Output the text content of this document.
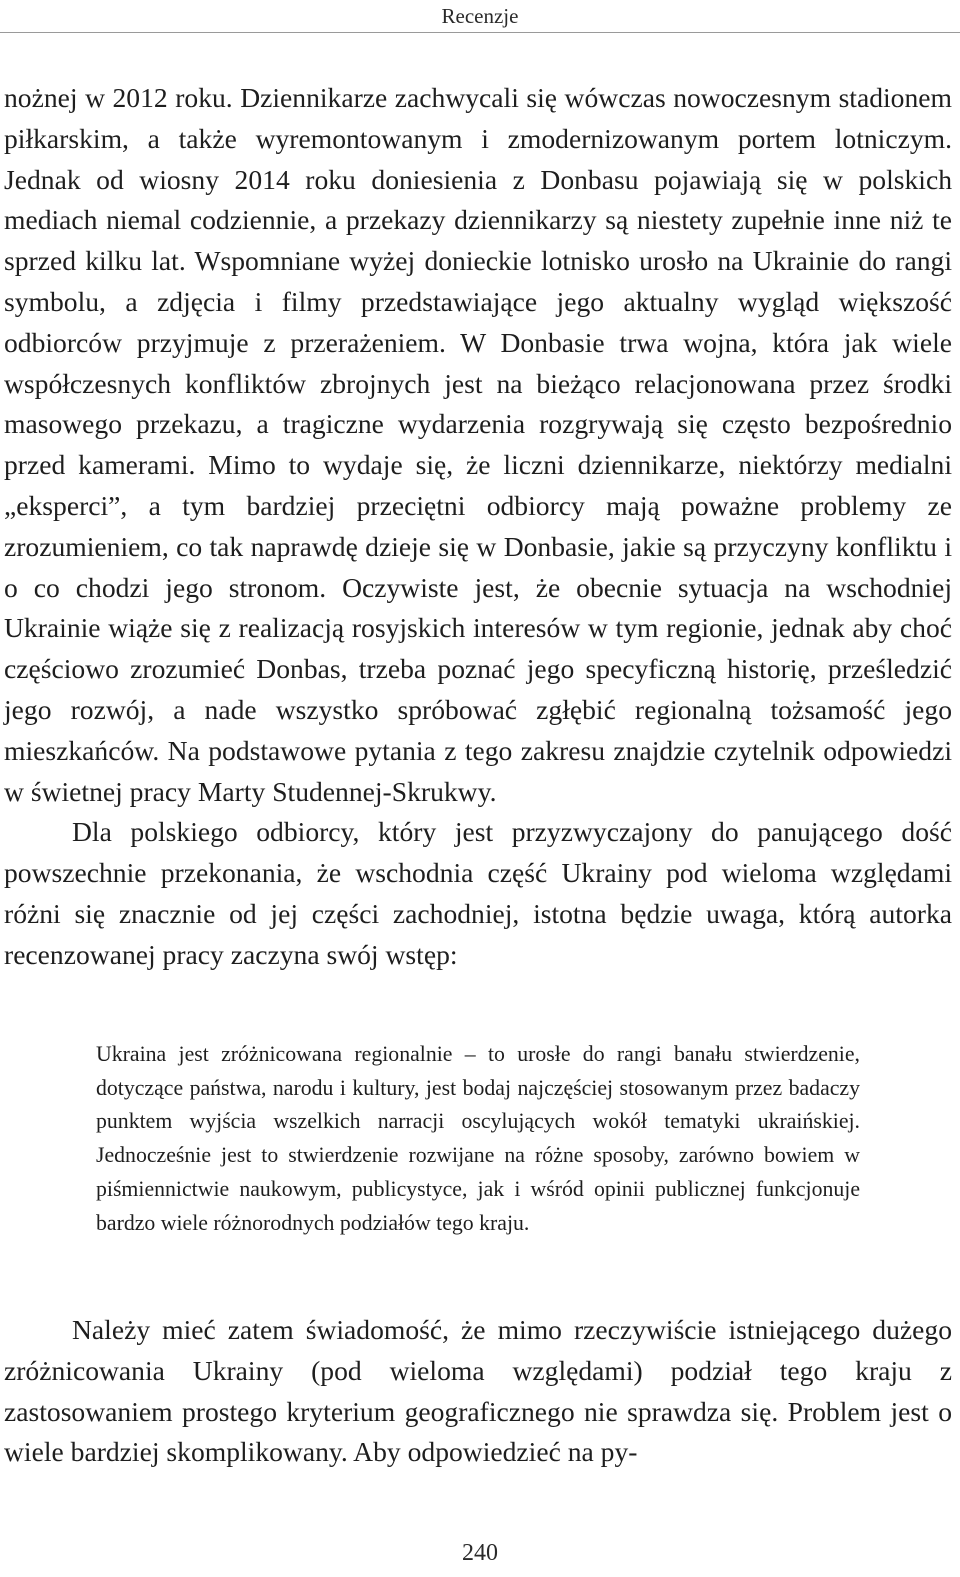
Recenzje

nożnej w 2012 roku. Dziennikarze zachwycali się wówczas nowoczesnym stadionem piłkarskim, a także wyremontowanym i zmodernizowanym portem lotniczym. Jednak od wiosny 2014 roku doniesienia z Donbasu pojawiają się w polskich mediach niemal codziennie, a przekazy dziennikarzy są niestety zupełnie inne niż te sprzed kilku lat. Wspomniane wyżej donieckie lotnisko urosło na Ukrainie do rangi symbolu, a zdjęcia i filmy przedstawiające jego aktualny wygląd większość odbiorców przyjmuje z przerażeniem. W Donbasie trwa wojna, która jak wiele współczesnych konfliktów zbrojnych jest na bieżąco relacjonowana przez środki masowego przekazu, a tragiczne wydarzenia rozgrywają się często bezpośrednio przed kamerami. Mimo to wydaje się, że liczni dziennikarze, niektórzy medialni „eksperci”, a tym bardziej przeciętni odbiorcy mają poważne problemy ze zrozumieniem, co tak naprawdę dzieje się w Donbasie, jakie są przyczyny konfliktu i o co chodzi jego stronom. Oczywiste jest, że obecnie sytuacja na wschodniej Ukrainie wiąże się z realizacją rosyjskich interesów w tym regionie, jednak aby choć częściowo zrozumieć Donbas, trzeba poznać jego specyficzną historię, prześledzić jego rozwój, a nade wszystko spróbować zgłębić regionalną tożsamość jego mieszkańców. Na podstawowe pytania z tego zakresu znajdzie czytelnik odpowiedzi w świetnej pracy Marty Studennej-Skrukwy.

Dla polskiego odbiorcy, który jest przyzwyczajony do panującego dość powszechnie przekonania, że wschodnia część Ukrainy pod wieloma względami różni się znacznie od jej części zachodniej, istotna będzie uwaga, którą autorka recenzowanej pracy zaczyna swój wstęp:

Ukraina jest zróżnicowana regionalnie – to urosłe do rangi banału stwierdzenie, dotyczące państwa, narodu i kultury, jest bodaj najczęściej stosowanym przez badaczy punktem wyjścia wszelkich narracji oscylujących wokół tematyki ukraińskiej. Jednocześnie jest to stwierdzenie rozwijane na różne sposoby, zarówno bowiem w piśmiennictwie naukowym, publicystyce, jak i wśród opinii publicznej funkcjonuje bardzo wiele różnorodnych podziałów tego kraju.

Należy mieć zatem świadomość, że mimo rzeczywiście istniejącego dużego zróżnicowania Ukrainy (pod wieloma względami) podział tego kraju z zastosowaniem prostego kryterium geograficznego nie sprawdza się. Problem jest o wiele bardziej skomplikowany. Aby odpowiedzieć na py-

240
